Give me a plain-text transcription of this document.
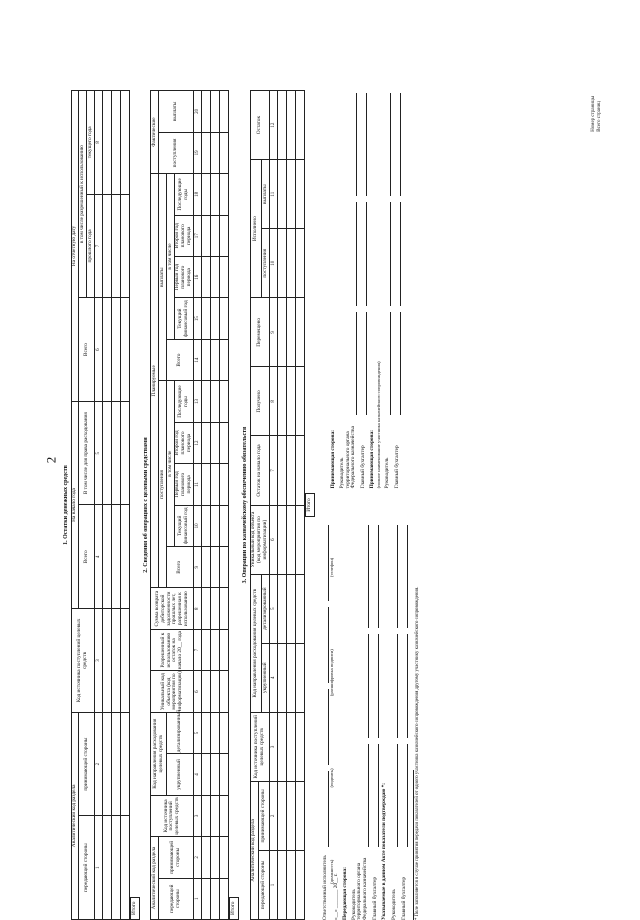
2
1. Остатки денежных средств
Аналитический код раздела		Код источника поступлений целевых средств	На начало года		На отчетную дату		
передающей стороны	принимающей стороны		Всего	В том числе для права расходования	Всего	в том числе разрешенный к использованию	
						прошлого года	текущего года
1	2	3	4	5	6	7	8

Итого
2. Сведения об операциях с целевыми средствами
Аналитический код раздела		Код источника поступлений целевых средств	Код направления расходования целевых средств		Уникальный код объекта (код мероприятия по информатизации)	Разрешенный к использованию остаток на начало 20__ года	Сумма возврата дебиторской задолженности прошлых лет, разрешенная к использованию	Планируемые										Фактические	
передающей стороны	принимающей стороны							поступления					выплаты					поступления	выплаты
			укрупненный	детализированный				Всего	в том числе				Всего	в том числе					
									Текущий финансовый год	Первый год планового периода	Второй год планового периода	Последующие годы		Текущий финансовый год	Первый год планового периода	Второй год планового периода	Последующие годы		
1	2	3	4	5	6	7	8	9	10	11	12	13	14	15	16	17	18	19	20

Итого
3. Операции по казначейскому обеспечению обязательств
Аналитический код раздела		Код источника поступлений целевых средств	Код направления расходования целевых средств		Уникальный код объекта (код мероприятия по информатизации)	Остаток на начало года	Получено	Перемещено	Исполнено		Остаток
передающей стороны	принимающей стороны										
			укрупненный	детализированный					поступления	выплаты	
1	2	3	4	5	6	7	8	9	10	11	12

Итого
Ответственный исполнитель (должность)
(подпись)
(расшифровка подписи)
(телефон)
«__» _______ 20__ г. Передающая сторона: Руководитель территориального органа Федерального казначейства Главный бухгалтер Указываемые в данном Акте показатели подтверждаю *: Руководитель Главный бухгалтер
Принимающая сторона: Руководитель территориального органа Федерального казначейства Главный бухгалтер Принимающая сторона: (полное наименование участника казначейского сопровождения) Руководитель Главный бухгалтер
* Поле заполняется в случае принятия передачи показателей от одного участника казначейского сопровождения другому участнику казначейского сопровождения.
Номер страницы Всего страниц
